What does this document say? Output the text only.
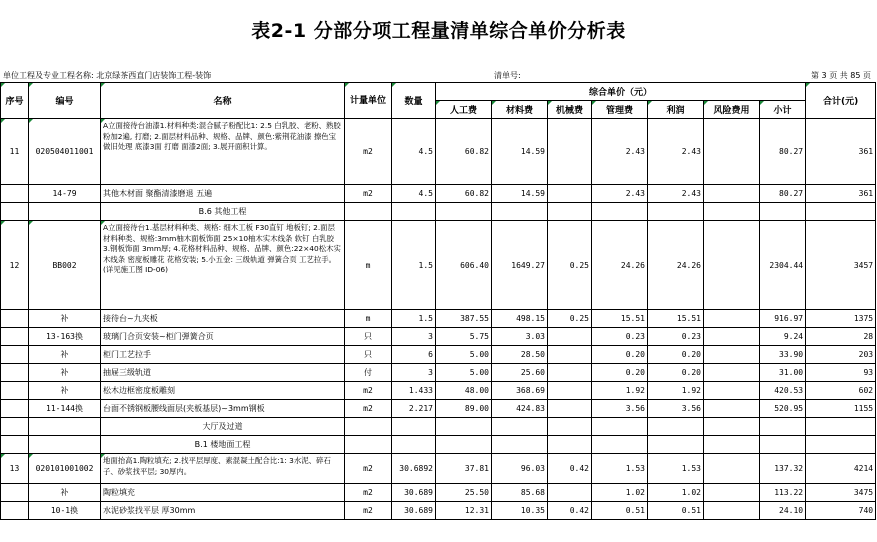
表2-1 分部分项工程量清单综合单价分析表
单位工程及专业工程名称: 北京绿茶西直门店装饰工程-装饰	清单号:	第 3 页 共 85 页
序号	编号	名称	计量单位	数量	综合单价（元）							合计(元)
					人工费	材料费	机械费	管理费	利润	风险费用	小计	
11	020504011001	A立面接待台油漆1.材料种类:混合腻子粉配比1: 2.5 白乳胶、老粉、熟胶粉加2遍, 打磨; 2.面层材料品种、规格、品牌、颜色:紫荆花油漆 擦色宝 做旧处理 底漆3面 打磨 面漆2面; 3.展开面积计算。	m2	4.5	60.82	14.59		2.43	2.43		80.27	361
	14-79	其他木材面 聚酯清漆磨退 五遍	m2	4.5	60.82	14.59		2.43	2.43		80.27	361
		B.6 其他工程										
12	BB002	A立面接待台1.基层材料种类、规格: 细木工板 F30直钉 地板钉; 2.面层材料种类、规格:3mm柚木面板饰面 25×10柚木实木线条 软钉 白乳胶 3.钢板饰面 3mm厚; 4.花格材料品种、规格、品牌、颜色:22×40松木实木线条 密度板雕花 花格安装; 5.小五金: 三级轨道 弹簧合页 工艺拉手。 (详见施工图 ID-06)	m	1.5	606.40	1649.27	0.25	24.26	24.26		2304.44	3457
	补	接待台~九夹板	m	1.5	387.55	498.15	0.25	15.51	15.51		916.97	1375
	13-163换	玻璃门合页安装~柜门弹簧合页	只	3	5.75	3.03		0.23	0.23		9.24	28
	补	柜门工艺拉手	只	6	5.00	28.50		0.20	0.20		33.90	203
	补	抽屉三级轨道	付	3	5.00	25.60		0.20	0.20		31.00	93
	补	松木边框密度板雕刻	m2	1.433	48.00	368.69		1.92	1.92		420.53	602
	11-144换	台面不锈钢板腰线面层(夹板基层)~3mm钢板	m2	2.217	89.00	424.83		3.56	3.56		520.95	1155
		大厅及过道										
		B.1 楼地面工程										
13	020101001002	地面抬高1.陶粒填充; 2.找平层厚度、素混凝土配合比:1: 3水泥、碎石子、砂浆找平层; 30厚内。	m2	30.6892	37.81	96.03	0.42	1.53	1.53		137.32	4214
	补	陶粒填充	m2	30.689	25.50	85.68		1.02	1.02		113.22	3475
	10-1换	水泥砂浆找平层 厚30mm	m2	30.689	12.31	10.35	0.42	0.51	0.51		24.10	740
